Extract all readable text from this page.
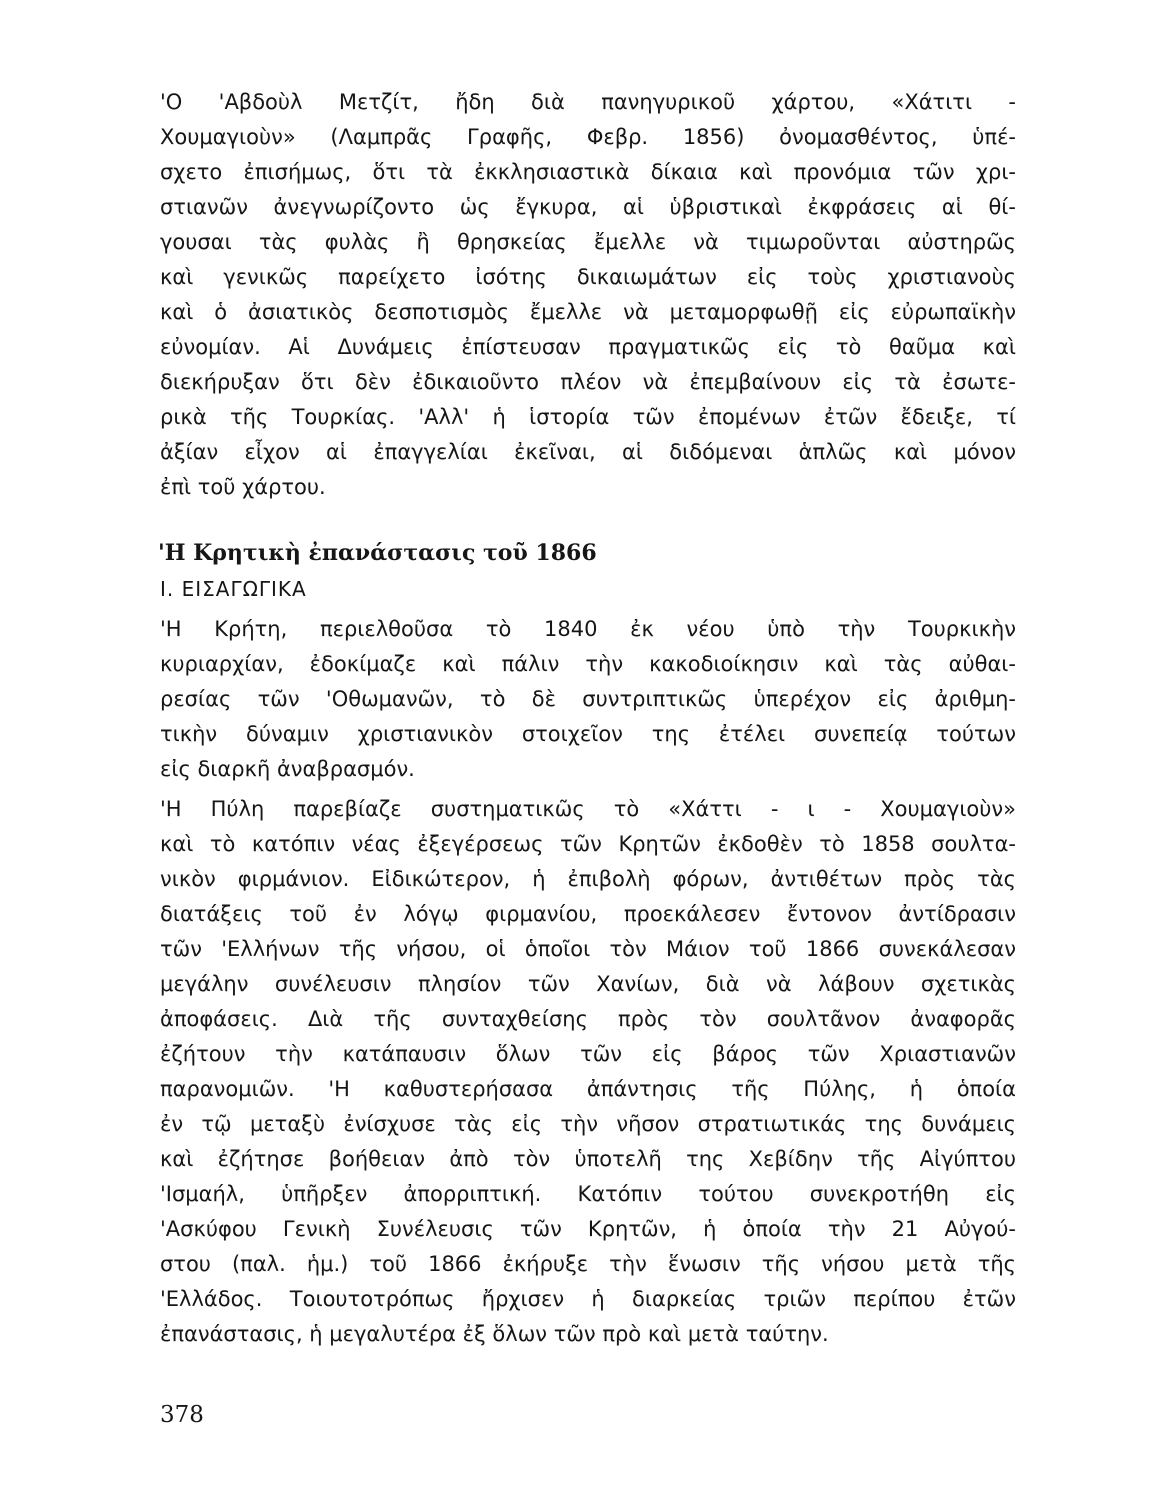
'Ο 'Αβδοὺλ Μετζίτ, ἤδη διὰ πανηγυρικοῦ χάρτου, «Χάτιτι -
Χουμαγιοὺν» (Λαμπρᾶς Γραφῆς, Φεβρ. 1856) ὀνομασθέντος, ὑπέ-
σχετο ἐπισήμως, ὅτι τὰ ἐκκλησιαστικὰ δίκαια καὶ προνόμια τῶν χρι-
στιανῶν ἀνεγνωρίζοντο ὡς ἔγκυρα, αἱ ὑβριστικαὶ ἐκφράσεις αἱ θί-
γουσαι τὰς φυλὰς ἢ θρησκείας ἔμελλε νὰ τιμωροῦνται αὐστηρῶς
καὶ γενικῶς παρείχετο ἰσότης δικαιωμάτων εἰς τοὺς χριστιανοὺς
καὶ ὁ ἀσιατικὸς δεσποτισμὸς ἔμελλε νὰ μεταμορφωθῇ εἰς εὐρωπαϊκὴν
εὐνομίαν. Αἱ Δυνάμεις ἐπίστευσαν πραγματικῶς εἰς τὸ θαῦμα καὶ
διεκήρυξαν ὅτι δὲν ἐδικαιοῦντο πλέον νὰ ἐπεμβαίνουν εἰς τὰ ἐσωτε-
ρικὰ τῆς Τουρκίας. 'Αλλ' ἡ ἱστορία τῶν ἐπομένων ἐτῶν ἔδειξε, τί
ἀξίαν εἶχον αἱ ἐπαγγελίαι ἐκεῖναι, αἱ διδόμεναι ἁπλῶς καὶ μόνον
ἐπὶ τοῦ χάρτου.
'Η Κρητικὴ ἐπανάστασις τοῦ 1866
Ι. ΕΙΣΑΓΩΓΙΚΑ
'Η Κρήτη, περιελθοῦσα τὸ 1840 ἐκ νέου ὑπὸ τὴν Τουρκικὴν
κυριαρχίαν, ἐδοκίμαζε καὶ πάλιν τὴν κακοδιοίκησιν καὶ τὰς αὐθαι-
ρεσίας τῶν 'Οθωμανῶν, τὸ δὲ συντριπτικῶς ὑπερέχον εἰς ἀριθμη-
τικὴν δύναμιν χριστιανικὸν στοιχεῖον της ἐτέλει συνεπείᾳ τούτων
εἰς διαρκῆ ἀναβρασμόν.
'Η Πύλη παρεβίαζε συστηματικῶς τὸ «Χάττι - ι - Χουμαγιοὺν»
καὶ τὸ κατόπιν νέας ἐξεγέρσεως τῶν Κρητῶν ἐκδοθὲν τὸ 1858 σουλτα-
νικὸν φιρμάνιον. Εἰδικώτερον, ἡ ἐπιβολὴ φόρων, ἀντιθέτων πρὸς τὰς
διατάξεις τοῦ ἐν λόγῳ φιρμανίου, προεκάλεσεν ἔντονον ἀντίδρασιν
τῶν 'Ελλήνων τῆς νήσου, οἱ ὁποῖοι τὸν Μάιον τοῦ 1866 συνεκάλεσαν
μεγάλην συνέλευσιν πλησίον τῶν Χανίων, διὰ νὰ λάβουν σχετικὰς
ἀποφάσεις. Διὰ τῆς συνταχθείσης πρὸς τὸν σουλτᾶνον ἀναφορᾶς
ἐζήτουν τὴν κατάπαυσιν ὅλων τῶν εἰς βάρος τῶν Χριαστιανῶν
παρανομιῶν. 'Η καθυστερήσασα ἀπάντησις τῆς Πύλης, ἡ ὁποία
ἐν τῷ μεταξὺ ἐνίσχυσε τὰς εἰς τὴν νῆσον στρατιωτικάς της δυνάμεις
καὶ ἐζήτησε βοήθειαν ἀπὸ τὸν ὑποτελῆ της Χεβίδην τῆς Αἰγύπτου
'Ισμαήλ, ὑπῆρξεν ἀπορριπτική. Κατόπιν τούτου συνεκροτήθη εἰς
'Ασκύφου Γενικὴ Συνέλευσις τῶν Κρητῶν, ἡ ὁποία τὴν 21 Αὐγού-
στου (παλ. ἡμ.) τοῦ 1866 ἐκήρυξε τὴν ἕνωσιν τῆς νήσου μετὰ τῆς
'Ελλάδος. Τοιουτοτρόπως ἤρχισεν ἡ διαρκείας τριῶν περίπου ἐτῶν
ἐπανάστασις, ἡ μεγαλυτέρα ἐξ ὅλων τῶν πρὸ καὶ μετὰ ταύτην.
378
